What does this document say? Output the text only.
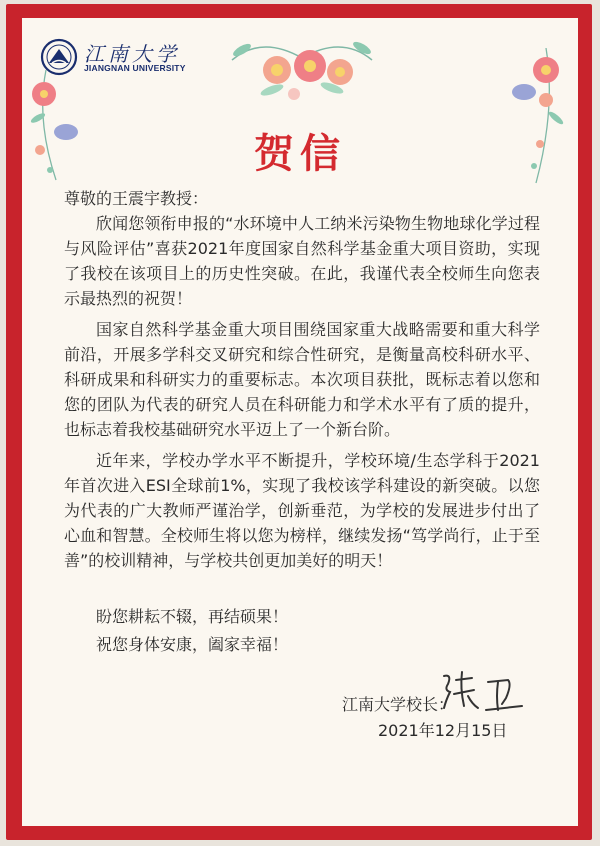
江南大学
JIANGNAN UNIVERSITY
贺信

尊敬的王震宇教授：

欣闻您领衔申报的“水环境中人工纳米污染物生物地球化学过程与风险评估”喜获2021年度国家自然科学基金重大项目资助，实现了我校在该项目上的历史性突破。在此，我谨代表全校师生向您表示最热烈的祝贺！

国家自然科学基金重大项目围绕国家重大战略需要和重大科学前沿，开展多学科交叉研究和综合性研究，是衡量高校科研水平、科研成果和科研实力的重要标志。本次项目获批，既标志着以您和您的团队为代表的研究人员在科研能力和学术水平有了质的提升，也标志着我校基础研究水平迈上了一个新台阶。

近年来，学校办学水平不断提升，学校环境/生态学科于2021年首次进入ESI全球前1%，实现了我校该学科建设的新突破。以您为代表的广大教师严谨治学，创新垂范，为学校的发展进步付出了心血和智慧。全校师生将以您为榜样，继续发扬“笃学尚行，止于至善”的校训精神，与学校共创更加美好的明天！

盼您耕耘不辍，再结硕果！
祝您身体安康，阖家幸福！
江南大学校长：
2021年12月15日
